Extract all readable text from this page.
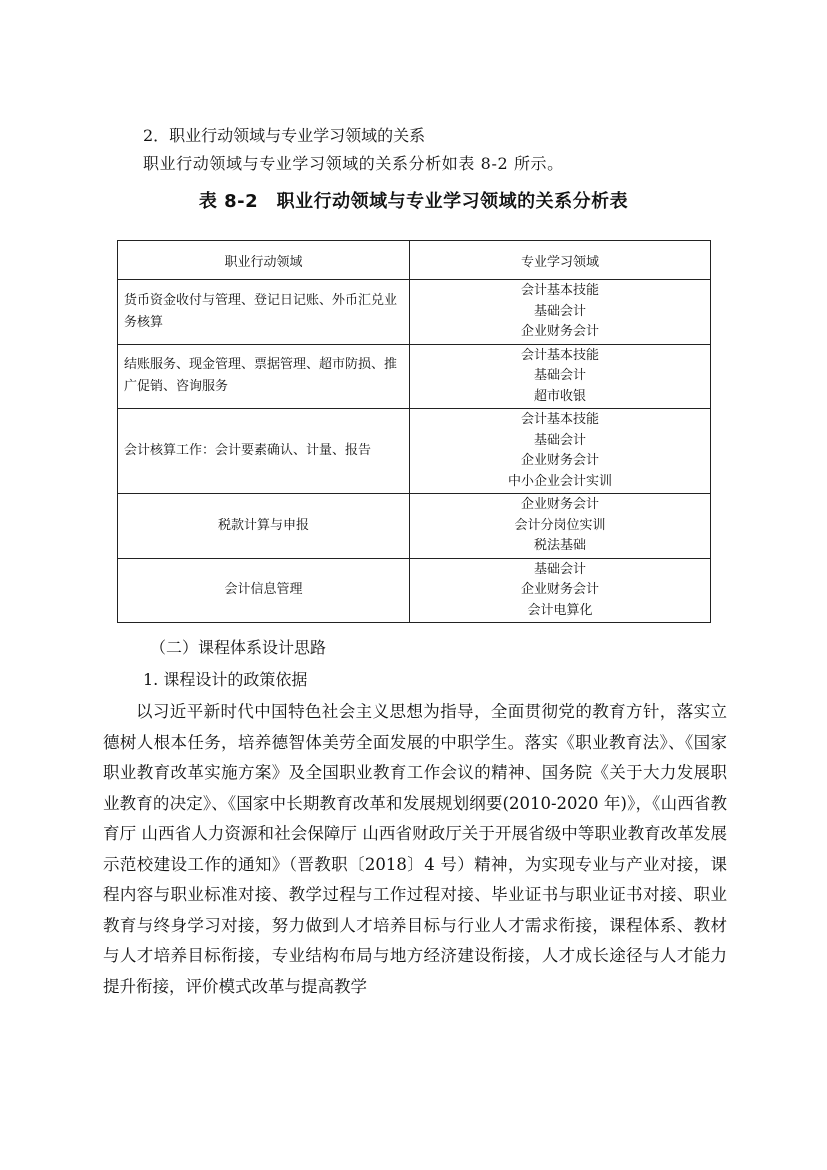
2．职业行动领域与专业学习领域的关系
职业行动领域与专业学习领域的关系分析如表 8-2 所示。
表 8-2　职业行动领域与专业学习领域的关系分析表
职业行动领域	专业学习领域
货币资金收付与管理、登记日记账、外币汇兑业务核算	会计基本技能
基础会计
企业财务会计

结账服务、现金管理、票据管理、超市防损、推广促销、咨询服务	会计基本技能
基础会计
超市收银

会计核算工作：会计要素确认、计量、报告	会计基本技能
基础会计
企业财务会计
中小企业会计实训

税款计算与申报	企业财务会计
会计分岗位实训
税法基础

会计信息管理	基础会计
企业财务会计
会计电算化
（二）课程体系设计思路
1. 课程设计的政策依据
以习近平新时代中国特色社会主义思想为指导，全面贯彻党的教育方针，落实立德树人根本任务，培养德智体美劳全面发展的中职学生。落实《职业教育法》、《国家职业教育改革实施方案》及全国职业教育工作会议的精神、国务院《关于大力发展职业教育的决定》、《国家中长期教育改革和发展规划纲要(2010-2020 年)》，《山西省教育厅 山西省人力资源和社会保障厅 山西省财政厅关于开展省级中等职业教育改革发展示范校建设工作的通知》（晋教职〔2018〕4 号）精神，为实现专业与产业对接，课程内容与职业标准对接、教学过程与工作过程对接、毕业证书与职业证书对接、职业教育与终身学习对接，努力做到人才培养目标与行业人才需求衔接，课程体系、教材与人才培养目标衔接，专业结构布局与地方经济建设衔接，人才成长途径与人才能力提升衔接，评价模式改革与提高教学
